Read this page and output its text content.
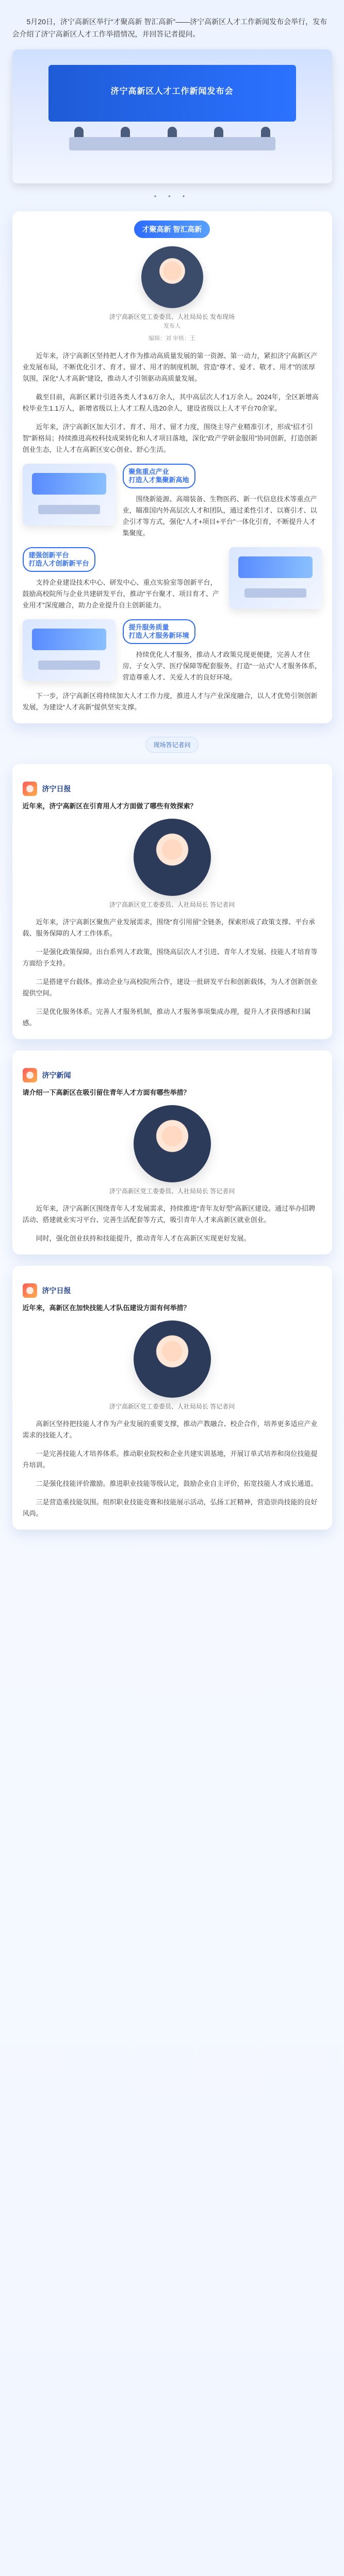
5月20日，济宁高新区举行“才聚高新 智汇高新”——济宁高新区人才工作新闻发布会举行，发布会介绍了济宁高新区人才工作举措情况，并回答记者提问。

济宁高新区人才工作新闻发布会
• • •
才聚高新 智汇高新
济宁高新区党工委委员、人社局局长 发布现场
发布人
编辑：刘 审核：王

近年来，济宁高新区坚持把人才作为推动高质量发展的第一资源、第一动力，紧扣济宁高新区产业发展布局，不断优化引才、育才、留才、用才的制度机制，营造“尊才、爱才、敬才、用才”的浓厚氛围，深化“人才高新”建设，推动人才引领驱动高质量发展。

截至目前，高新区累计引进各类人才3.6万余人，其中高层次人才1万余人。2024年，全区新增高校毕业生1.1万人，新增省级以上人才工程人选20余人，建设省级以上人才平台70余家。

近年来，济宁高新区加大引才、育才、用才、留才力度，围绕主导产业精准引才，形成“招才引智”新格局；持续推进高校科技成果转化和人才项目落地，深化“政产学研金服用”协同创新，打造创新创业生态，让人才在高新区安心创业、舒心生活。

聚焦重点产业
打造人才集聚新高地

围绕新能源、高端装备、生物医药、新一代信息技术等重点产业，瞄准国内外高层次人才和团队，通过柔性引才、以赛引才、以企引才等方式，强化“人才+项目+平台”一体化引育，不断提升人才集聚度。

建强创新平台
打造人才创新新平台

支持企业建设技术中心、研发中心、重点实验室等创新平台，鼓励高校院所与企业共建研发平台，推动“平台聚才、项目育才、产业用才”深度融合，助力企业提升自主创新能力。

提升服务质量
打造人才服务新环境

持续优化人才服务，推动人才政策兑现更便捷，完善人才住房、子女入学、医疗保障等配套服务，打造“一站式”人才服务体系，营造尊重人才、关爱人才的良好环境。

下一步，济宁高新区将持续加大人才工作力度，推进人才与产业深度融合，以人才优势引领创新发展，为建设“人才高新”提供坚实支撑。

现场答记者问
济宁日报
近年来，济宁高新区在引育用人才方面做了哪些有效探索？
济宁高新区党工委委员、人社局局长 答记者问

近年来，济宁高新区聚焦产业发展需求，围绕“育引用留”全链条，探索形成了政策支撑、平台承载、服务保障的人才工作体系。

一是强化政策保障。出台系列人才政策，围绕高层次人才引进、青年人才发展、技能人才培育等方面给予支持。

二是搭建平台载体。推动企业与高校院所合作，建设一批研发平台和创新载体，为人才创新创业提供空间。

三是优化服务体系。完善人才服务机制，推动人才服务事项集成办理，提升人才获得感和归属感。

济宁新闻
请介绍一下高新区在吸引留住青年人才方面有哪些举措？
济宁高新区党工委委员、人社局局长 答记者问

近年来，济宁高新区围绕青年人才发展需求，持续推进“青年友好型”高新区建设。通过举办招聘活动、搭建就业实习平台、完善生活配套等方式，吸引青年人才来高新区就业创业。

同时，强化创业扶持和技能提升，推动青年人才在高新区实现更好发展。

济宁日报
近年来，高新区在加快技能人才队伍建设方面有何举措？
济宁高新区党工委委员、人社局局长 答记者问

高新区坚持把技能人才作为产业发展的重要支撑，推动产教融合、校企合作，培养更多适应产业需求的技能人才。

一是完善技能人才培养体系。推动职业院校和企业共建实训基地，开展订单式培养和岗位技能提升培训。

二是强化技能评价激励。推进职业技能等级认定，鼓励企业自主评价，拓宽技能人才成长通道。

三是营造重技能氛围。组织职业技能竞赛和技能展示活动，弘扬工匠精神，营造崇尚技能的良好风尚。
